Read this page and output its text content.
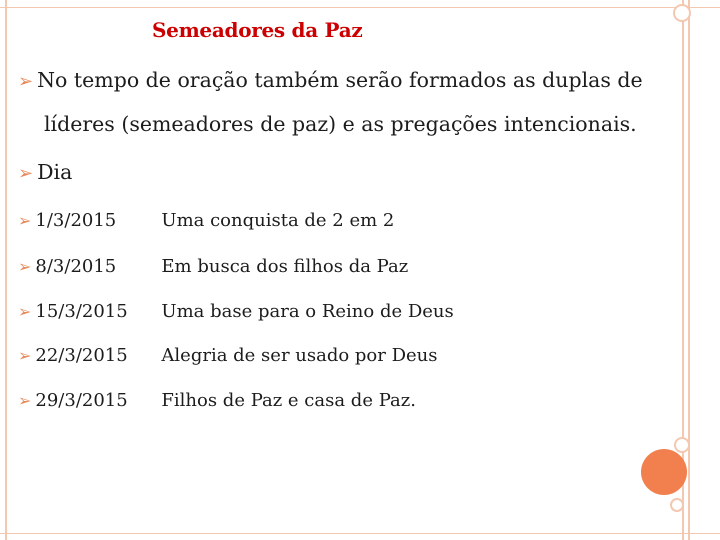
Semeadores da Paz
➢ No tempo de oração também serão formados as duplas de
líderes (semeadores de paz) e as pregações intencionais.
➢ Dia
➢ 1/3/2015	Uma conquista de 2 em 2
➢ 8/3/2015	Em busca dos filhos da Paz
➢ 15/3/2015 Uma base para o Reino de Deus
➢ 22/3/2015 Alegria de ser usado por Deus
➢ 29/3/2015 Filhos de Paz e casa de Paz.
